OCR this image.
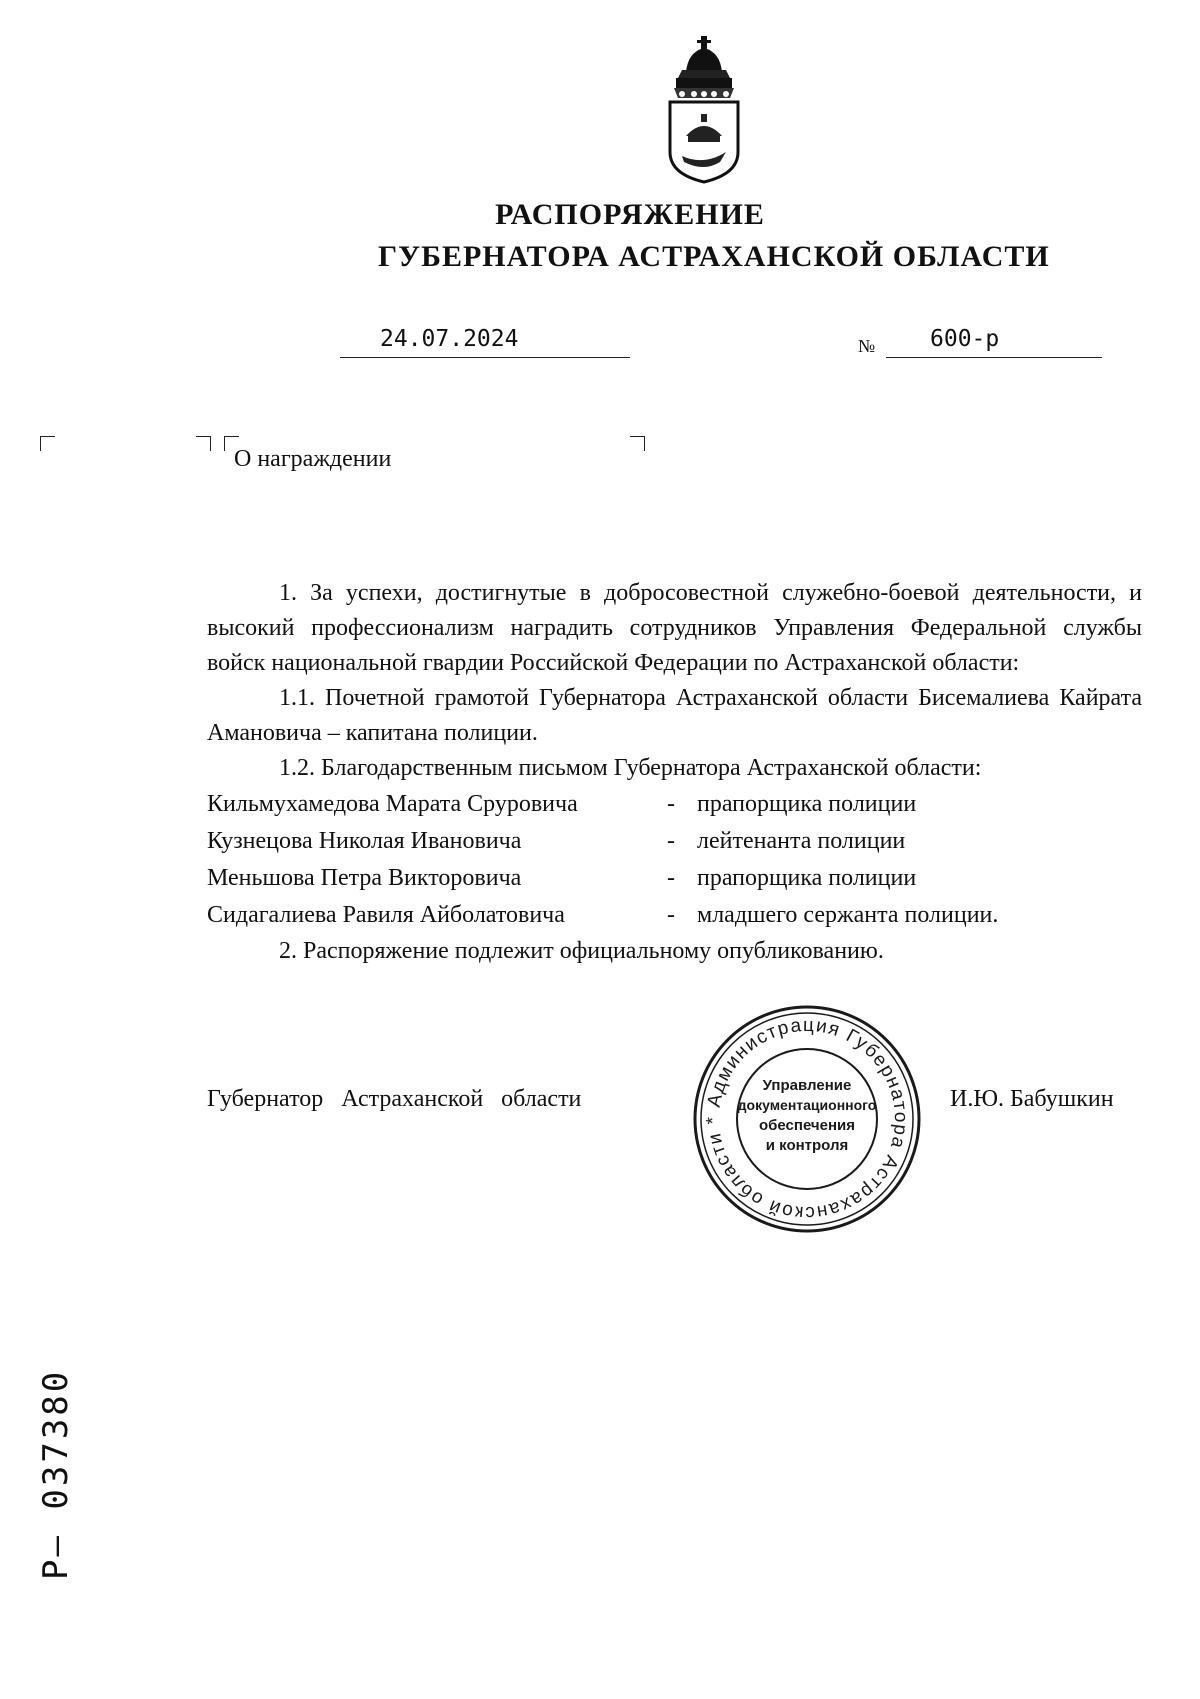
РАСПОРЯЖЕНИЕ
ГУБЕРНАТОРА АСТРАХАНСКОЙ ОБЛАСТИ
24.07.2024	№	600-р
О награждении

1. За успехи, достигнутые в добросовестной служебно-боевой деятельности, и высокий профессионализм наградить сотрудников Управления Федеральной службы войск национальной гвардии Российской Федерации по Астраханской области:

1.1. Почетной грамотой Губернатора Астраханской области Бисемалиева Кайрата Амановича – капитана полиции.

1.2. Благодарственным письмом Губернатора Астраханской области:

Кильмухамедова Марата Сруровича	- прапорщика полиции
Кузнецова Николая Ивановича	- лейтенанта полиции
Меньшова Петра Викторовича	- прапорщика полиции
Сидагалиева Равиля Айболатовича	- младшего сержанта полиции.

2. Распоряжение подлежит официальному опубликованию.

Губернатор Астраханской области	Администрация Губернатора Астраханской области *
Управление
документационного
обеспечения
и контроля
И.Ю. Бабушкин
Р– 037380
